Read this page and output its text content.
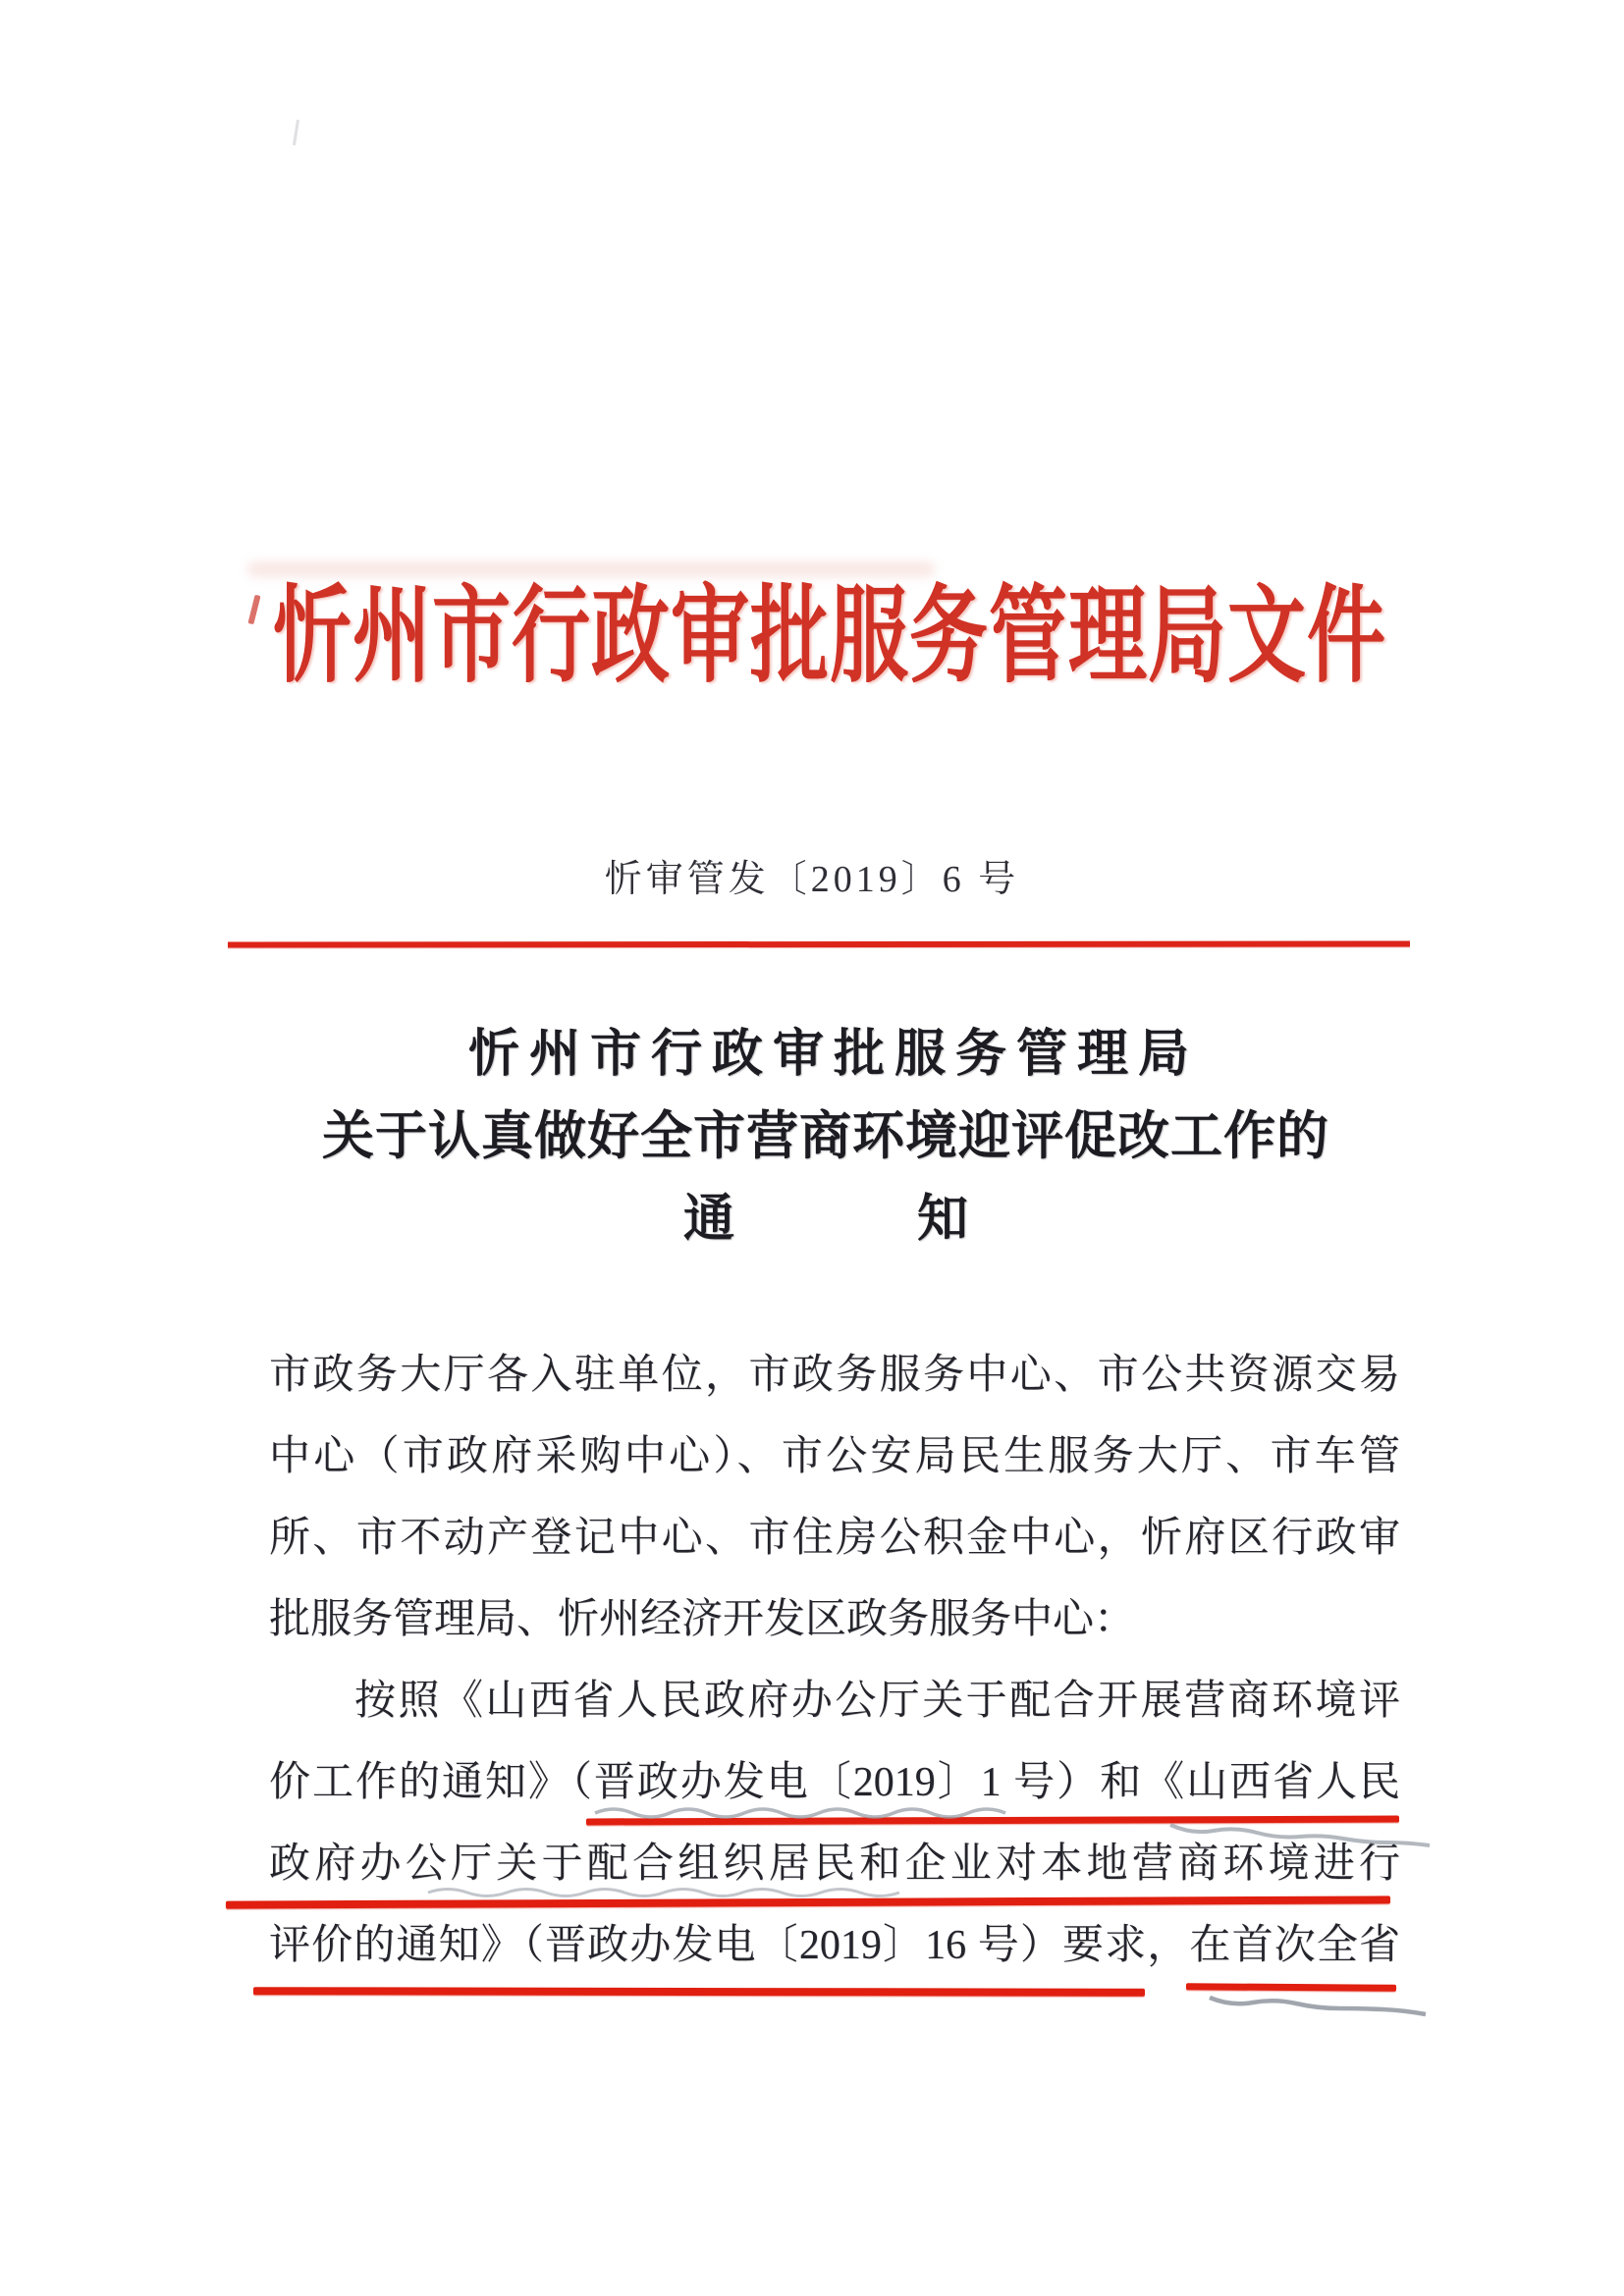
忻州市行政审批服务管理局文件
忻审管发〔2019〕6 号
忻州市行政审批服务管理局
关于认真做好全市营商环境迎评促改工作的
通	知
市政务大厅各入驻单位，市政务服务中心、市公共资源交易
中心（市政府采购中心）、市公安局民生服务大厅、市车管
所、市不动产登记中心、市住房公积金中心，忻府区行政审
批服务管理局、忻州经济开发区政务服务中心：
按照《山西省人民政府办公厅关于配合开展营商环境评
价工作的通知》（晋政办发电〔2019〕1 号）和《山西省人民
政府办公厅关于配合组织居民和企业对本地营商环境进行
评价的通知》（晋政办发电〔2019〕16 号）要求，在首次全省
